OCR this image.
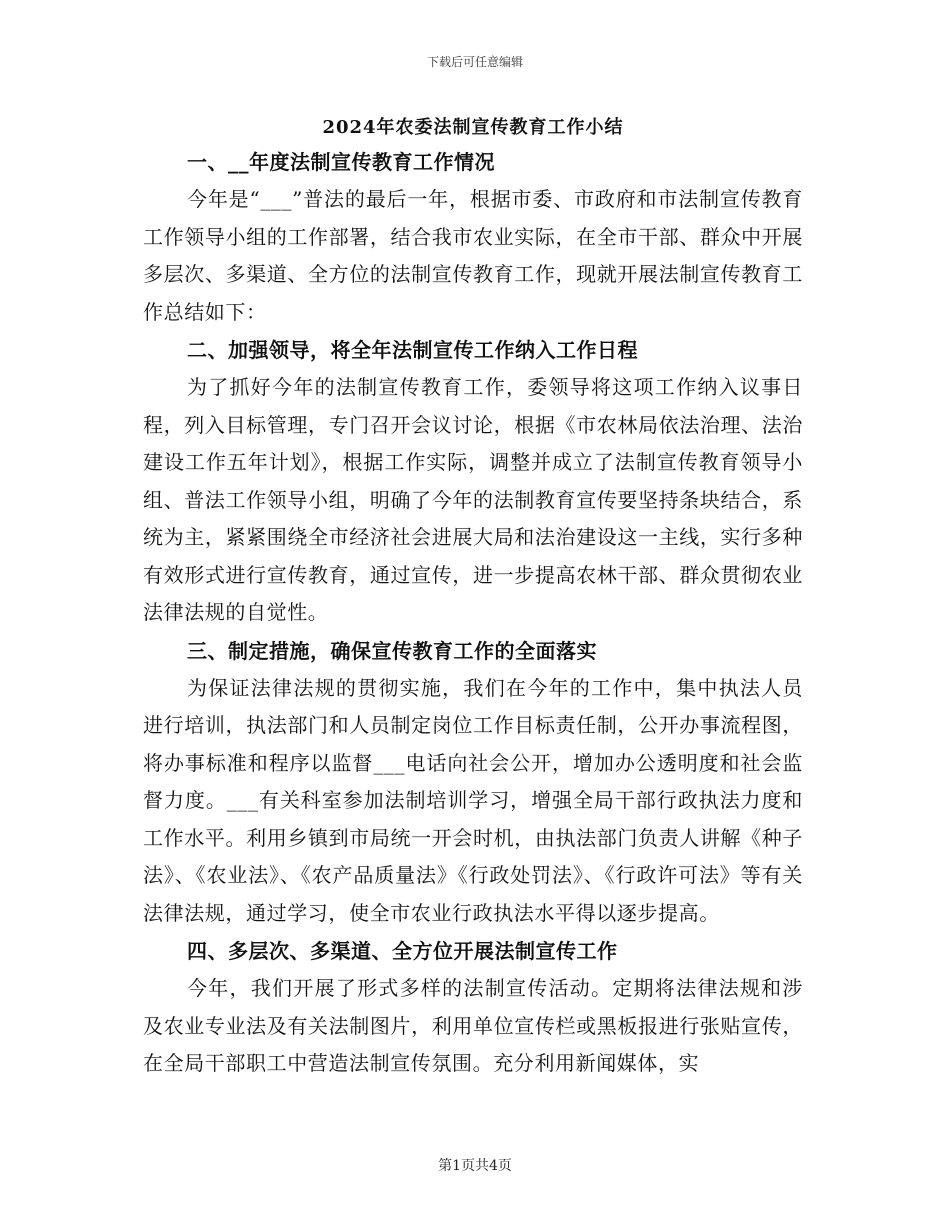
下载后可任意编辑
2024年农委法制宣传教育工作小结
一、__年度法制宣传教育工作情况

今年是“___”普法的最后一年，根据市委、市政府和市法制宣传教育工作领导小组的工作部署，结合我市农业实际，在全市干部、群众中开展多层次、多渠道、全方位的法制宣传教育工作，现就开展法制宣传教育工作总结如下：

二、加强领导，将全年法制宣传工作纳入工作日程

为了抓好今年的法制宣传教育工作，委领导将这项工作纳入议事日程，列入目标管理，专门召开会议讨论，根据《市农林局依法治理、法治建设工作五年计划》，根据工作实际，调整并成立了法制宣传教育领导小组、普法工作领导小组，明确了今年的法制教育宣传要坚持条块结合，系统为主，紧紧围绕全市经济社会进展大局和法治建设这一主线，实行多种有效形式进行宣传教育，通过宣传，进一步提高农林干部、群众贯彻农业法律法规的自觉性。

三、制定措施，确保宣传教育工作的全面落实

为保证法律法规的贯彻实施，我们在今年的工作中，集中执法人员进行培训，执法部门和人员制定岗位工作目标责任制，公开办事流程图，将办事标准和程序以监督___电话向社会公开，增加办公透明度和社会监督力度。___有关科室参加法制培训学习，增强全局干部行政执法力度和工作水平。利用乡镇到市局统一开会时机，由执法部门负责人讲解《种子法》、《农业法》、《农产品质量法》《行政处罚法》、《行政许可法》等有关法律法规，通过学习，使全市农业行政执法水平得以逐步提高。

四、多层次、多渠道、全方位开展法制宣传工作

今年，我们开展了形式多样的法制宣传活动。定期将法律法规和涉及农业专业法及有关法制图片，利用单位宣传栏或黑板报进行张贴宣传，在全局干部职工中营造法制宣传氛围。充分利用新闻媒体，实

第1页共4页
